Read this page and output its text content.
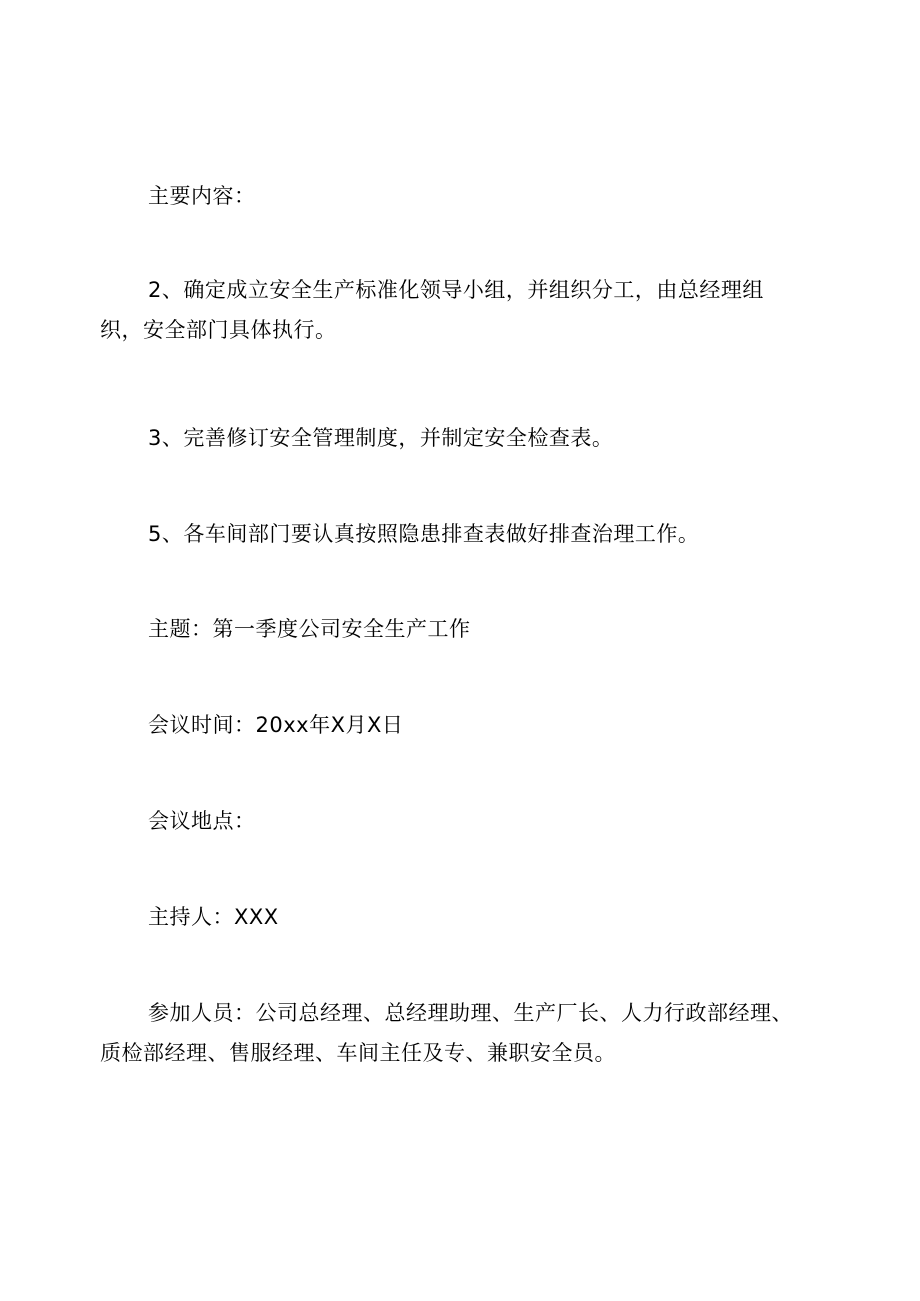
主要内容：

2、确定成立安全生产标准化领导小组，并组织分工，由总经理组织，安全部门具体执行。

3、完善修订安全管理制度，并制定安全检查表。

5、各车间部门要认真按照隐患排查表做好排查治理工作。

主题：第一季度公司安全生产工作

会议时间：20xx年X月X日

会议地点：

主持人：XXX

参加人员：公司总经理、总经理助理、生产厂长、人力行政部经理、质检部经理、售服经理、车间主任及专、兼职安全员。
